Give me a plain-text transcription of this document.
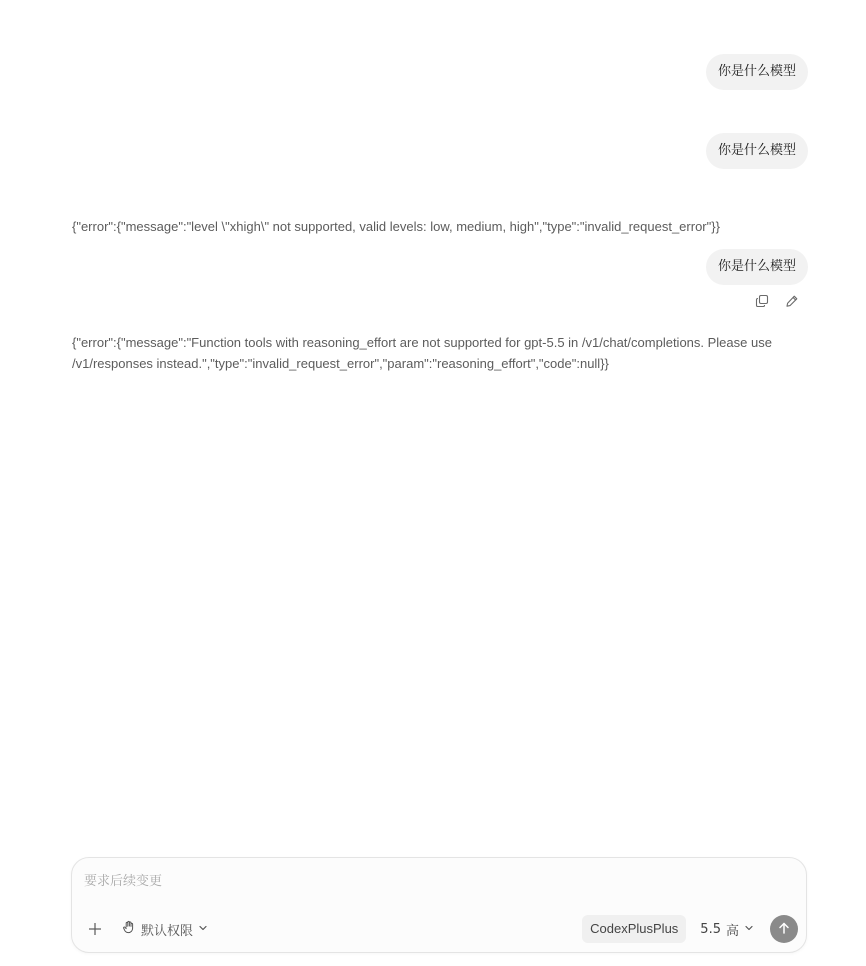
你是什么模型
你是什么模型
{"error":{"message":"level \"xhigh\" not supported, valid levels: low, medium, high","type":"invalid_request_error"}}
你是什么模型
{"error":{"message":"Function tools with reasoning_effort are not supported for gpt-5.5 in /v1/chat/completions. Please use /v1/responses instead.","type":"invalid_request_error","param":"reasoning_effort","code":null}}
要求后续变更
默认权限	CodexPlusPlus	5.5 高
